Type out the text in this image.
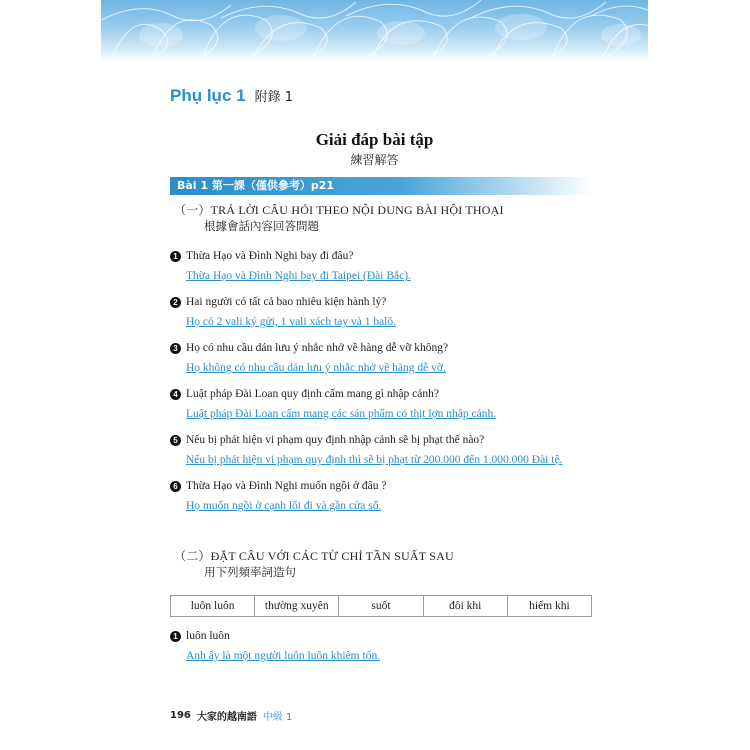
Phụ lục 1 附錄 1
Giải đáp bài tập
練習解答
Bài 1 第一課（僅供參考）p21
（一）TRẢ LỜI CÂU HỎI THEO NỘI DUNG BÀI HỘI THOẠI
根據會話內容回答問題
1 Thừa Hạo và Đình Nghi bay đi đâu?
Thừa Hạo và Đình Nghi bay đi Taipei (Đài Bắc).
2 Hai người có tất cả bao nhiêu kiện hành lý?
Họ có 2 vali ký gửi, 1 vali xách tay và 1 balô.
3 Họ có nhu cầu dán lưu ý nhắc nhở về hàng dễ vỡ không?
Họ không có nhu cầu dán lưu ý nhắc nhở về hàng dễ vỡ.
4 Luật pháp Đài Loan quy định cấm mang gì nhập cảnh?
Luật pháp Đài Loan cấm mang các sản phẩm có thịt lợn nhập cảnh.
5 Nếu bị phát hiện vi phạm quy định nhập cảnh sẽ bị phạt thế nào?
Nếu bị phát hiện vi phạm quy định thì sẽ bị phạt từ 200.000 đến 1.000.000 Đài tệ.
6 Thừa Hạo và Đình Nghi muốn ngồi ở đâu ?
Họ muốn ngồi ở cạnh lối đi và gần cửa sổ.
（二）ĐẶT CÂU VỚI CÁC TỪ CHỈ TẦN SUẤT SAU
用下列頻率詞造句
luôn luôn	thường xuyên	suốt	đôi khi	hiếm khi
1 luôn luôn
Anh ấy là một người luôn luôn khiêm tốn.
196 大家的越南語 中級 1
